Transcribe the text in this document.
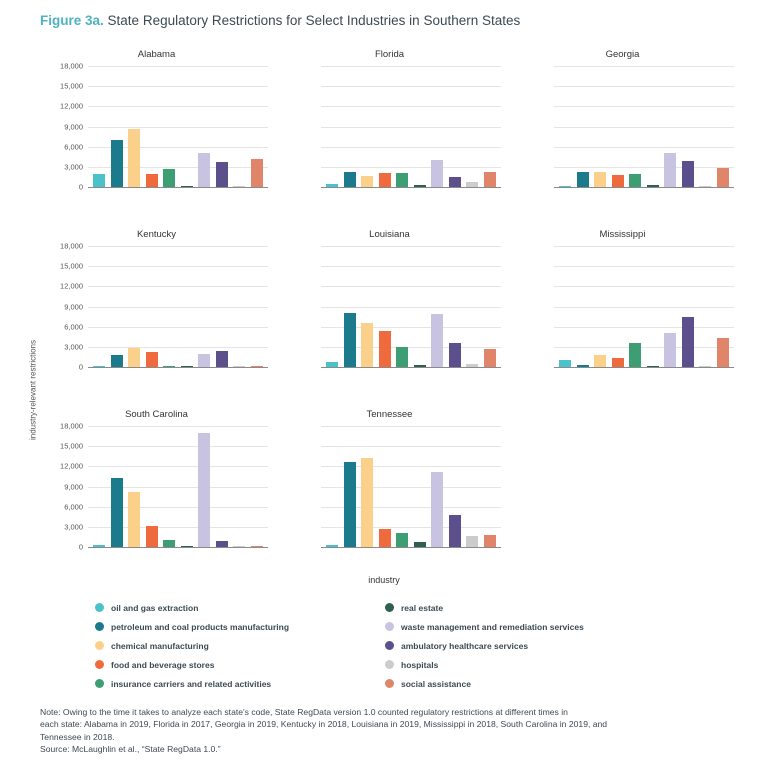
Figure 3a. State Regulatory Restrictions for Select Industries in Southern States
industry-relevant restrictions
Alabama
0
3,000
6,000
9,000
12,000
15,000
18,000
Florida	Georgia
Kentucky
0
3,000
6,000
9,000
12,000
15,000
18,000
Louisiana	Mississippi
South Carolina
0
3,000
6,000
9,000
12,000
15,000
18,000
Tennessee
industry
oil and gas extraction
petroleum and coal products manufacturing
chemical manufacturing
food and beverage stores
insurance carriers and related activities
real estate
waste management and remediation services
ambulatory healthcare services
hospitals
social assistance
Note: Owing to the time it takes to analyze each state's code, State RegData version 1.0 counted regulatory restrictions at different times in
each state: Alabama in 2019, Florida in 2017, Georgia in 2019, Kentucky in 2018, Louisiana in 2019, Mississippi in 2018, South Carolina in 2019, and
Tennessee in 2018.
Source: McLaughlin et al., “State RegData 1.0.”
